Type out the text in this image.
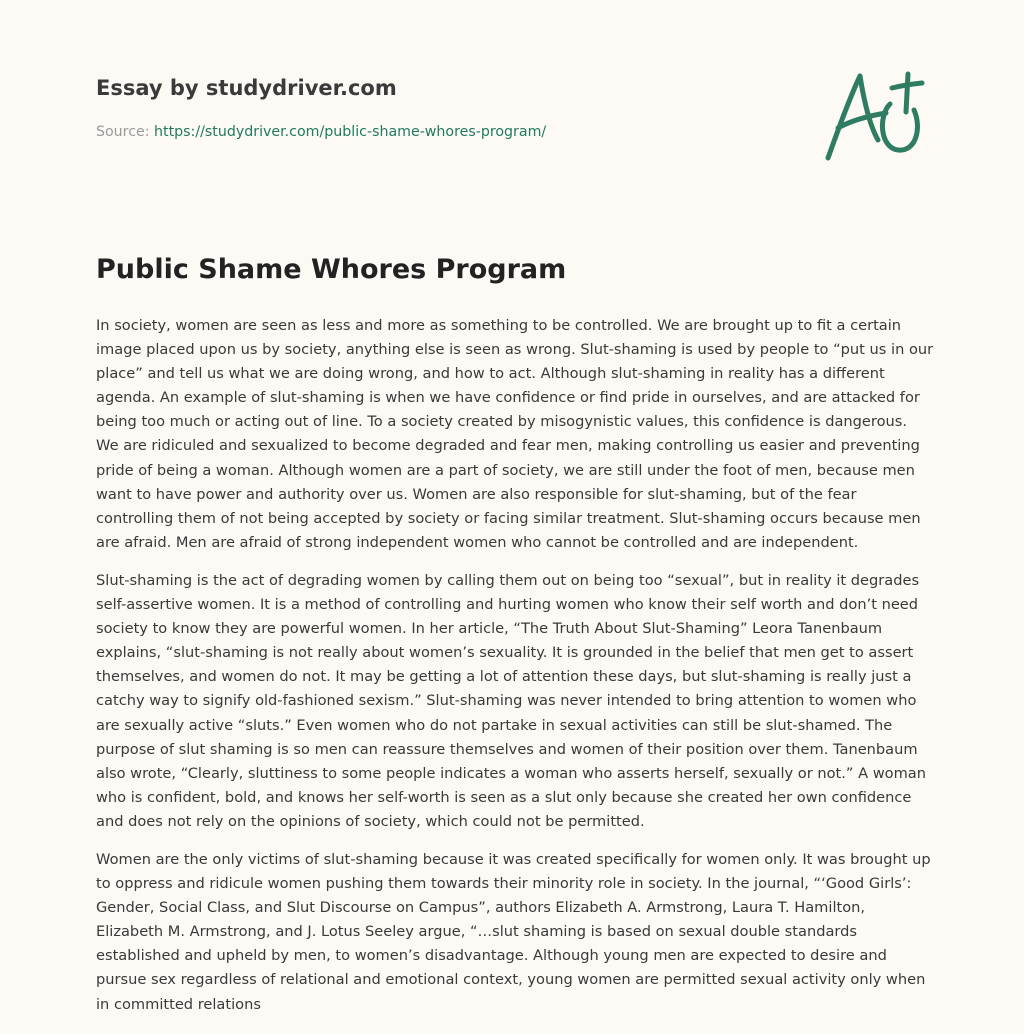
Essay by studydriver.com
Source: https://studydriver.com/public-shame-whores-program/
Public Shame Whores Program

In society, women are seen as less and more as something to be controlled. We are brought up to fit a certain image placed upon us by society, anything else is seen as wrong. Slut-shaming is used by people to “put us in our place” and tell us what we are doing wrong, and how to act. Although slut-shaming in reality has a different agenda. An example of slut-shaming is when we have confidence or find pride in ourselves, and are attacked for being too much or acting out of line. To a society created by misogynistic values, this confidence is dangerous. We are ridiculed and sexualized to become degraded and fear men, making controlling us easier and preventing pride of being a woman. Although women are a part of society, we are still under the foot of men, because men want to have power and authority over us. Women are also responsible for slut-shaming, but of the fear controlling them of not being accepted by society or facing similar treatment. Slut-shaming occurs because men are afraid. Men are afraid of strong independent women who cannot be controlled and are independent.

Slut-shaming is the act of degrading women by calling them out on being too “sexual”, but in reality it degrades self-assertive women. It is a method of controlling and hurting women who know their self worth and don’t need society to know they are powerful women. In her article, “The Truth About Slut-Shaming” Leora Tanenbaum explains, “slut-shaming is not really about women’s sexuality. It is grounded in the belief that men get to assert themselves, and women do not. It may be getting a lot of attention these days, but slut-shaming is really just a catchy way to signify old-fashioned sexism.” Slut-shaming was never intended to bring attention to women who are sexually active “sluts.” Even women who do not partake in sexual activities can still be slut-shamed. The purpose of slut shaming is so men can reassure themselves and women of their position over them. Tanenbaum also wrote, “Clearly, sluttiness to some people indicates a woman who asserts herself, sexually or not.” A woman who is confident, bold, and knows her self-worth is seen as a slut only because she created her own confidence and does not rely on the opinions of society, which could not be permitted.

Women are the only victims of slut-shaming because it was created specifically for women only. It was brought up to oppress and ridicule women pushing them towards their minority role in society. In the journal, “‘Good Girls’: Gender, Social Class, and Slut Discourse on Campus”, authors Elizabeth A. Armstrong, Laura T. Hamilton, Elizabeth M. Armstrong, and J. Lotus Seeley argue, “…slut shaming is based on sexual double standards established and upheld by men, to women’s disadvantage. Although young men are expected to desire and pursue sex regardless of relational and emotional context, young women are permitted sexual activity only when in committed relations
